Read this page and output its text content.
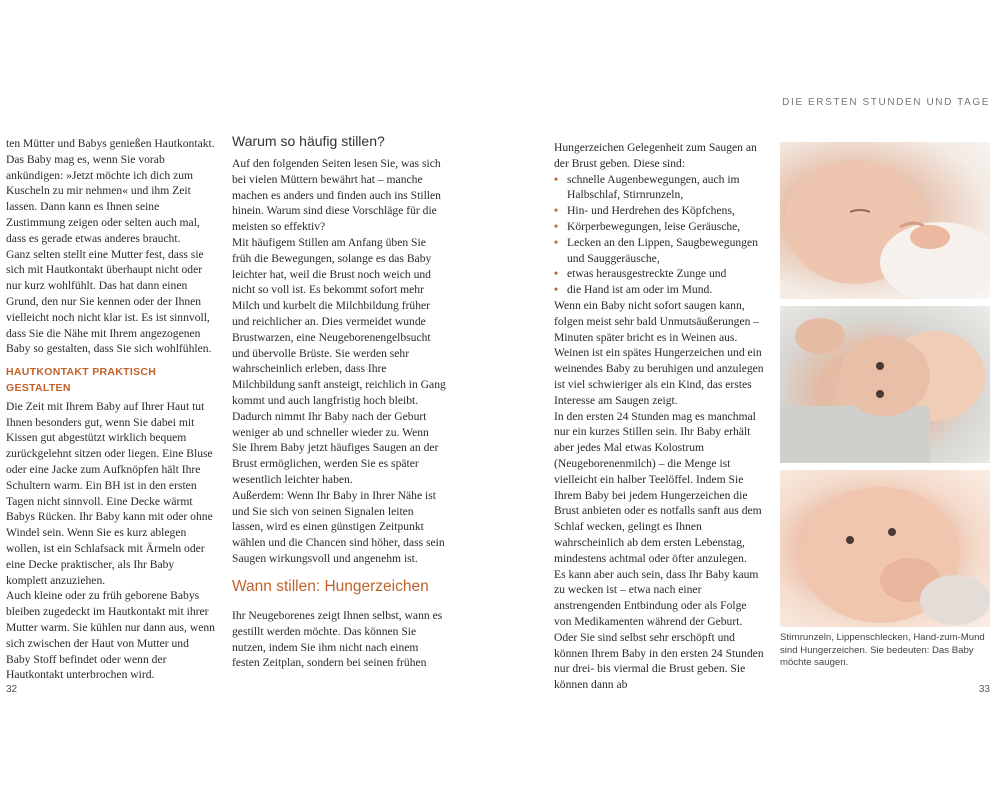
ten Mütter und Babys genießen Hautkontakt. Das Baby mag es, wenn Sie vorab ankündigen: »Jetzt möchte ich dich zum Kuscheln zu mir nehmen« und ihm Zeit lassen. Dann kann es Ihnen seine Zustimmung zeigen oder selten auch mal, dass es gerade etwas anderes braucht.

Ganz selten stellt eine Mutter fest, dass sie sich mit Hautkontakt überhaupt nicht oder nur kurz wohlfühlt. Das hat dann einen Grund, den nur Sie kennen oder der Ihnen vielleicht noch nicht klar ist. Es ist sinnvoll, dass Sie die Nähe mit Ihrem angezogenen Baby so gestalten, dass Sie sich wohlfühlen.

HAUTKONTAKT PRAKTISCH GESTALTEN

Die Zeit mit Ihrem Baby auf Ihrer Haut tut Ihnen besonders gut, wenn Sie dabei mit Kissen gut abgestützt wirklich bequem zurückgelehnt sitzen oder liegen. Eine Bluse oder eine Jacke zum Aufknöpfen hält Ihre Schultern warm. Ein BH ist in den ersten Tagen nicht sinnvoll. Eine Decke wärmt Babys Rücken. Ihr Baby kann mit oder ohne Windel sein. Wenn Sie es kurz ablegen wollen, ist ein Schlafsack mit Ärmeln oder eine Decke praktischer, als Ihr Baby komplett anzuziehen.

Auch kleine oder zu früh geborene Babys bleiben zugedeckt im Hautkontakt mit ihrer Mutter warm. Sie kühlen nur dann aus, wenn sich zwischen der Haut von Mutter und Baby Stoff befindet oder wenn der Hautkontakt unterbrochen wird.

Warum so häufig stillen?

Auf den folgenden Seiten lesen Sie, was sich bei vielen Müttern bewährt hat – manche machen es anders und finden auch ins Stillen hinein. Warum sind diese Vorschläge für die meisten so effektiv?

Mit häufigem Stillen am Anfang üben Sie früh die Bewegungen, solange es das Baby leichter hat, weil die Brust noch weich und nicht so voll ist. Es bekommt sofort mehr Milch und kurbelt die Milchbildung früher und reichlicher an. Dies vermeidet wunde Brustwarzen, eine Neugeborenengelbsucht und übervolle Brüste. Sie werden sehr wahrscheinlich erleben, dass Ihre Milchbildung sanft ansteigt, reichlich in Gang kommt und auch langfristig hoch bleibt. Dadurch nimmt Ihr Baby nach der Geburt weniger ab und schneller wieder zu. Wenn Sie Ihrem Baby jetzt häufiges Saugen an der Brust ermöglichen, werden Sie es später wesentlich leichter haben.

Außerdem: Wenn Ihr Baby in Ihrer Nähe ist und Sie sich von seinen Signalen leiten lassen, wird es einen günstigen Zeitpunkt wählen und die Chancen sind höher, dass sein Saugen wirkungsvoll und angenehm ist.

Wann stillen: Hungerzeichen

Ihr Neugeborenes zeigt Ihnen selbst, wann es gestillt werden möchte. Das können Sie nutzen, indem Sie ihm nicht nach einem festen Zeitplan, sondern bei seinen frühen

32
DIE ERSTEN STUNDEN UND TAGE

Hungerzeichen Gelegenheit zum Saugen an der Brust geben. Diese sind:

• schnelle Augenbewegungen, auch im Halbschlaf, Stirnrunzeln,
• Hin- und Herdrehen des Köpfchens,
• Körperbewegungen, leise Geräusche,
• Lecken an den Lippen, Saugbewegungen und Sauggeräusche,
• etwas herausgestreckte Zunge und
• die Hand ist am oder im Mund.

Wenn ein Baby nicht sofort saugen kann, folgen meist sehr bald Unmutsäußerungen – Minuten später bricht es in Weinen aus. Weinen ist ein spätes Hungerzeichen und ein weinendes Baby zu beruhigen und anzulegen ist viel schwieriger als ein Kind, das erstes Interesse am Saugen zeigt.

In den ersten 24 Stunden mag es manchmal nur ein kurzes Stillen sein. Ihr Baby erhält aber jedes Mal etwas Kolostrum (Neugeborenenmilch) – die Menge ist vielleicht ein halber Teelöffel. Indem Sie Ihrem Baby bei jedem Hungerzeichen die Brust anbieten oder es notfalls sanft aus dem Schlaf wecken, gelingt es Ihnen wahrscheinlich ab dem ersten Lebenstag, mindestens achtmal oder öfter anzulegen.

Es kann aber auch sein, dass Ihr Baby kaum zu wecken ist – etwa nach einer anstrengenden Entbindung oder als Folge von Medikamenten während der Geburt. Oder Sie sind selbst sehr erschöpft und können Ihrem Baby in den ersten 24 Stunden nur drei- bis viermal die Brust geben. Sie können dann ab

Stirnrunzeln, Lippenschlecken, Hand-zum-Mund sind Hungerzeichen. Sie bedeuten: Das Baby möchte saugen.
33
